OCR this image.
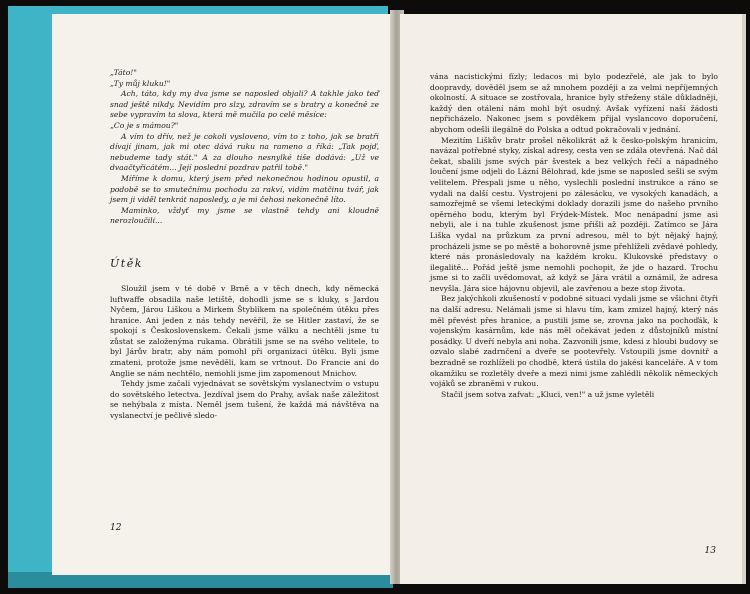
„Táto!"

„Ty můj kluku!"

Ach, táto, kdy my dva jsme se naposled objali? A takhle jako teď snad ještě nikdy. Nevidím pro slzy, zdravím se s bratry a konečně ze sebe vypravím ta slova, která mě mučila po celé měsíce:

„Co je s mámou?"

A vím to dřív, než je cokoli vysloveno, vím to z toho, jak se bratři dívají jinam, jak mi otec dává ruku na rameno a říká: „Tak pojď, nebudeme tady stát." A za dlouho nesnylké tiše dodává: „Už ve dvaačtyřicátém... Její poslední pozdrav patřil tobě."

Míříme k domu, který jsem před nekonečnou hodinou opustil, a podobě se to smutečnímu pochodu za rakví, vidím matčinu tvář, jak jsem ji viděl tenkrát naposledy, a je mi čehosi nekonečně líto.

Maminko, vždyť my jsme se vlastně tehdy ani kloudně nerozloučili...

Útěk

Sloužil jsem v té době v Brně a v těch dnech, kdy německá luftwaffe obsadila naše letiště, dohodli jsme se s kluky, s Jardou Nyčem, Járou Liškou a Mirkem Štyblíkem na společném útěku přes hranice. Ani jeden z nás tehdy nevěřil, že se Hitler zastaví, že se spokojí s Československem. Čekali jsme válku a nechtěli jsme tu zůstat se založenýma rukama. Obrátili jsme se na svého velitele, to byl Járův bratr, aby nám pomohl při organizaci útěku. Byli jsme zmateni, protože jsme nevěděli, kam se vrtnout. Do Francie ani do Anglie se nám nechtělo, nemohli jsme jim zapomenout Mnichov.

Tehdy jsme začali vyjednávat se sovětským vyslanectvím o vstupu do sovětského letectva. Jezdíval jsem do Prahy, avšak naše záležitost se nehýbala z místa. Neměl jsem tušení, že každá má návštěva na vyslanectví je pečlivě sledo-

12

vána nacistickými fízly; ledacos mi bylo podezřelé, ale jak to bylo doopravdy, dověděl jsem se až mnohem později a za velmi nepříjemných okolností. A situace se zostřovala, hranice byly střeženy stále důkladněji, každý den otálení nám mohl být osudný. Avšak vyřízení naší žádosti nepřicházelo. Nakonec jsem s povděkem přijal vyslancovo doporučení, abychom odešli ilegálně do Polska a odtud pokračovali v jednání.

Mezitím Liškův bratr prošel několikrát až k česko-polským hranicím, navázal potřebné styky, získal adresy, cesta ven se zdála otevřená. Nač dál čekat, sbalili jsme svých pár švestek a bez velkých řečí a nápadného loučení jsme odjeli do Lázní Bělohrad, kde jsme se naposled sešli se svým velitelem. Přespali jsme u něho, vyslechli poslední instrukce a ráno se vydali na další cestu. Vystrojeni po zálesácku, ve vysokých kanadách, a samozřejmě se všemi leteckými doklady dorazili jsme do našeho prvního opěrného bodu, kterým byl Frýdek-Místek. Moc nenápadní jsme asi nebyli, ale i na tuhle zkušenost jsme přišli až později. Zatímco se Jára Liška vydal na průzkum za první adresou, měl to být nějaký hajný, procházeli jsme se po městě a bohorovně jsme přehlíželi zvědavé pohledy, které nás pronásledovaly na každém kroku. Klukovské představy o ilegalitě... Pořád ještě jsme nemohli pochopit, že jde o hazard. Trochu jsme si to začli uvědomovat, až když se Jára vrátil a oznámil, že adresa nevyšla. Jára sice hájovnu objevil, ale zavřenou a beze stop života.

Bez jakýchkoli zkušeností v podobné situaci vydali jsme se všichni čtyři na další adresu. Nelámali jsme si hlavu tím, kam zmizel hajný, který nás měl převést přes hranice, a pustili jsme se, zrovna jako na pochoďák, k vojenským kasárnům, kde nás měl očekávat jeden z důstojníků místní posádky. U dveří nebyla ani noha. Zazvonili jsme, kdesi z hloubi budovy se ozvalo slabé zadrnčení a dveře se pootevřely. Vstoupili jsme dovnitř a bezradně se rozhlíželi po chodbě, která ústila do jakési kanceláře. A v tom okamžiku se rozletěly dveře a mezi nimi jsme zahlédli několik německých vojáků se zbraněmi v rukou.

Stačil jsem sotva zafvat: „Kluci, ven!" a už jsme vyletěli

13
